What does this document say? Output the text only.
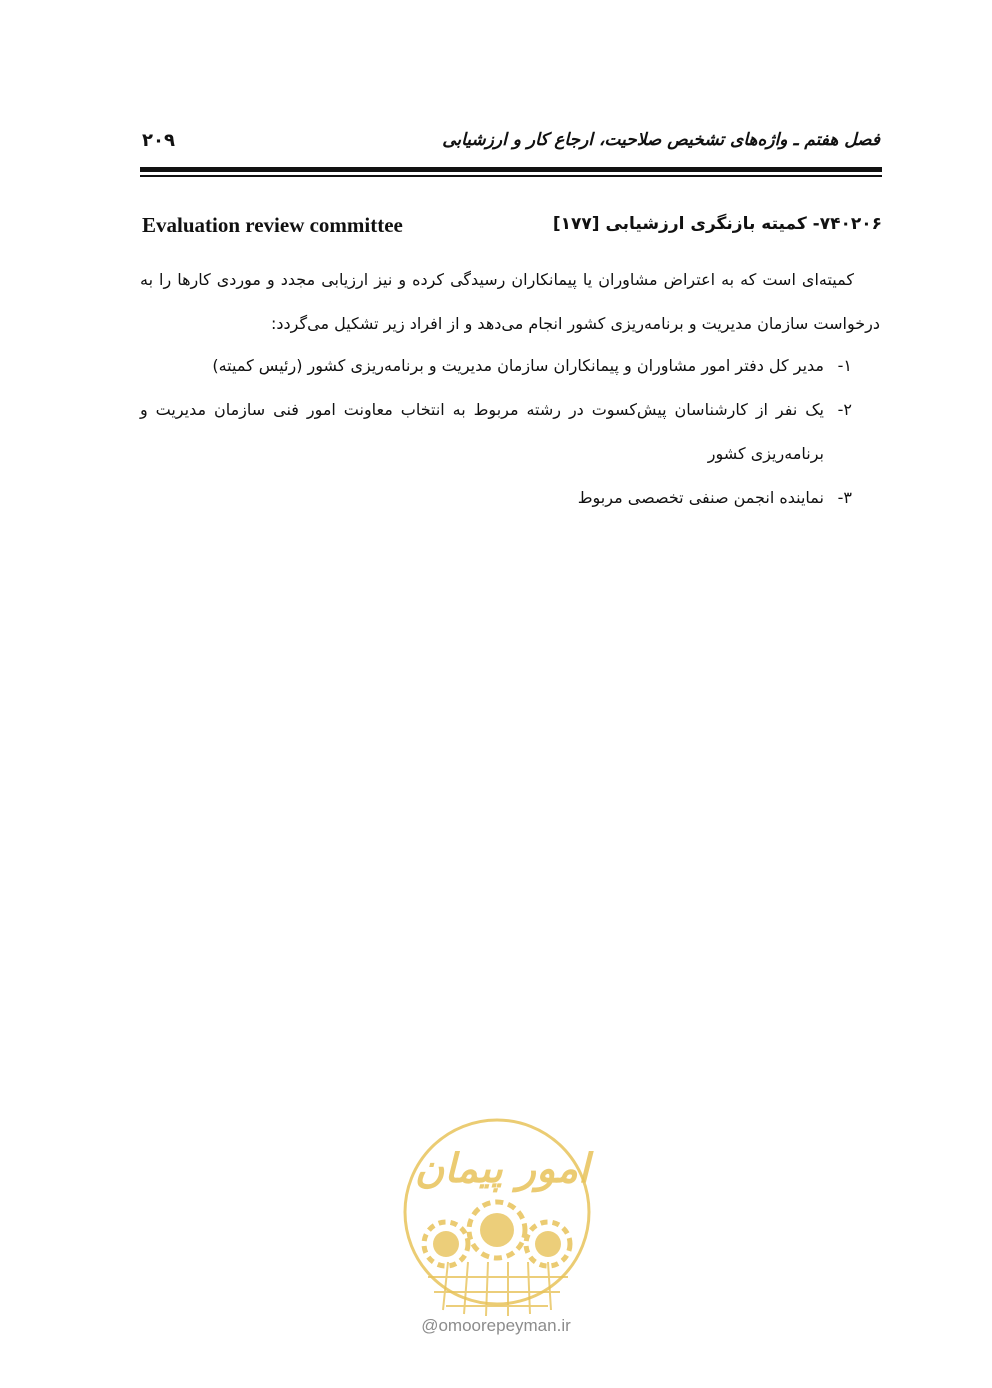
فصل هفتم ـ واژه‌های تشخیص صلاحیت، ارجاع کار و ارزشیابی
۲۰۹
۷۴۰۲۰۶- کمیته بازنگری ارزشیابی [۱۷۷]
Evaluation review committee

کمیته‌ای است که به اعتراض مشاوران یا پیمانکاران رسیدگی کرده و نیز ارزیابی مجدد و موردی کارها را به درخواست سازمان مدیریت و برنامه‌ریزی کشور انجام می‌دهد و از افراد زیر تشکیل می‌گردد:

۱-
مدیر کل دفتر امور مشاوران و پیمانکاران سازمان مدیریت و برنامه‌ریزی کشور (رئیس کمیته)
۲-
یک نفر از کارشناسان پیش‌کسوت در رشته مربوط به انتخاب معاونت امور فنی سازمان مدیریت و برنامه‌ریزی کشور
۳-
نماینده انجمن صنفی تخصصی مربوط
امور پیمان
@omoorepeyman.ir
